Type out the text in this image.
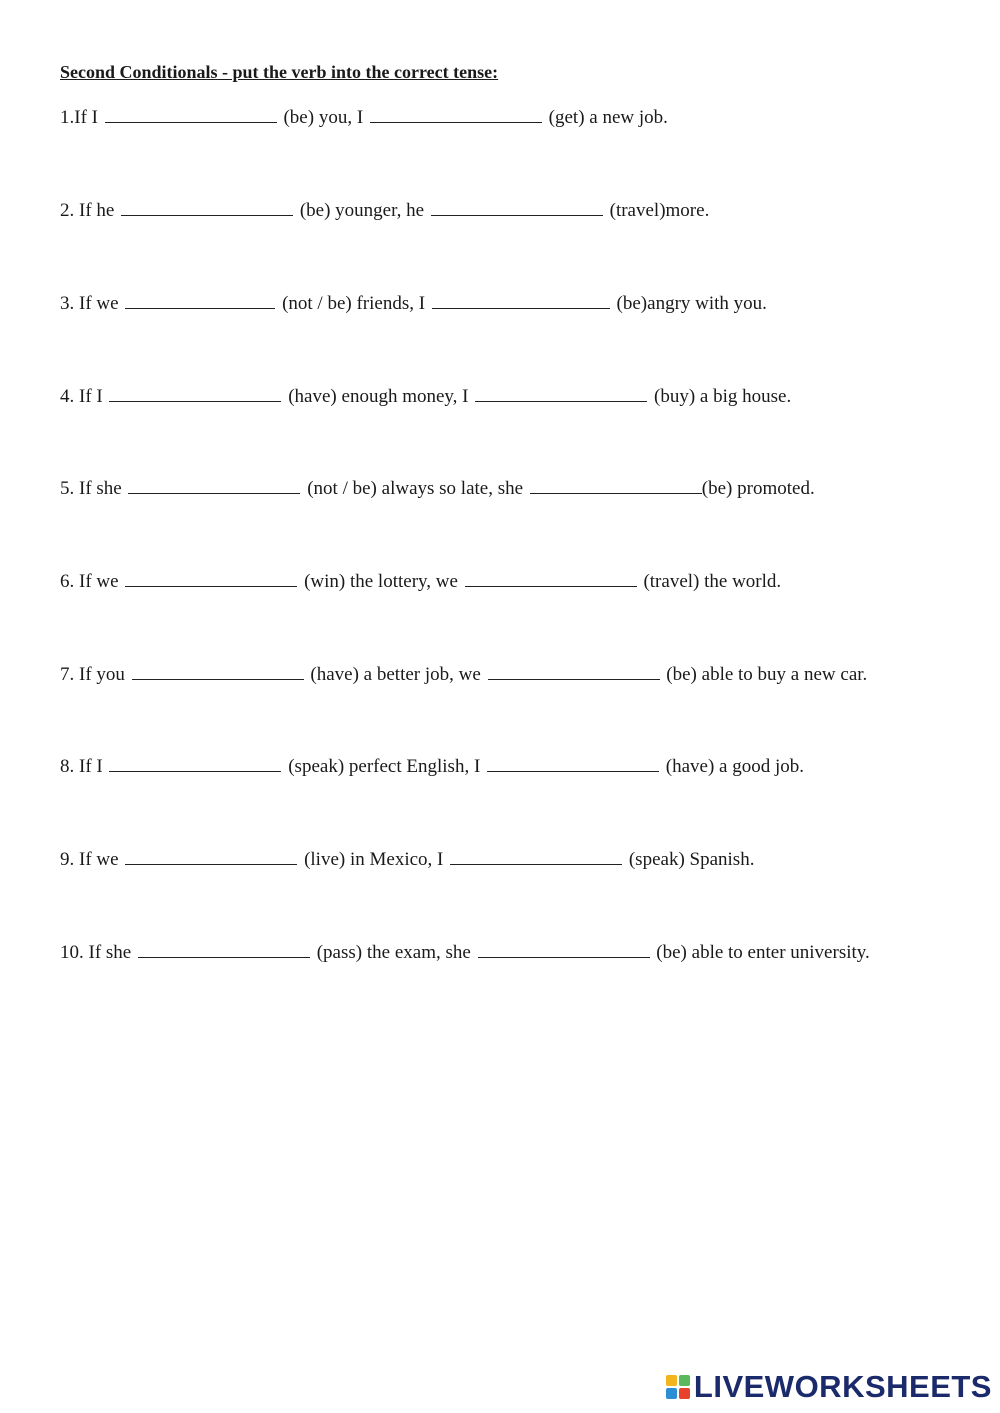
Second Conditionals - put the verb into the correct tense:
1.If I	(be) you, I	(get) a new job.
2. If he	(be) younger, he	(travel)more.
3. If we	(not / be) friends, I	(be)angry with you.
4. If I	(have) enough money, I	(buy) a big house.
5. If she	(not / be) always so late, she	(be) promoted.
6. If we	(win) the lottery, we	(travel) the world.
7. If you	(have) a better job, we	(be) able to buy a new car.
8. If I	(speak) perfect English, I	(have) a good job.
9. If we	(live) in Mexico, I	(speak) Spanish.
10. If she	(pass) the exam, she	(be) able to enter university.
LIVEWORKSHEETS
